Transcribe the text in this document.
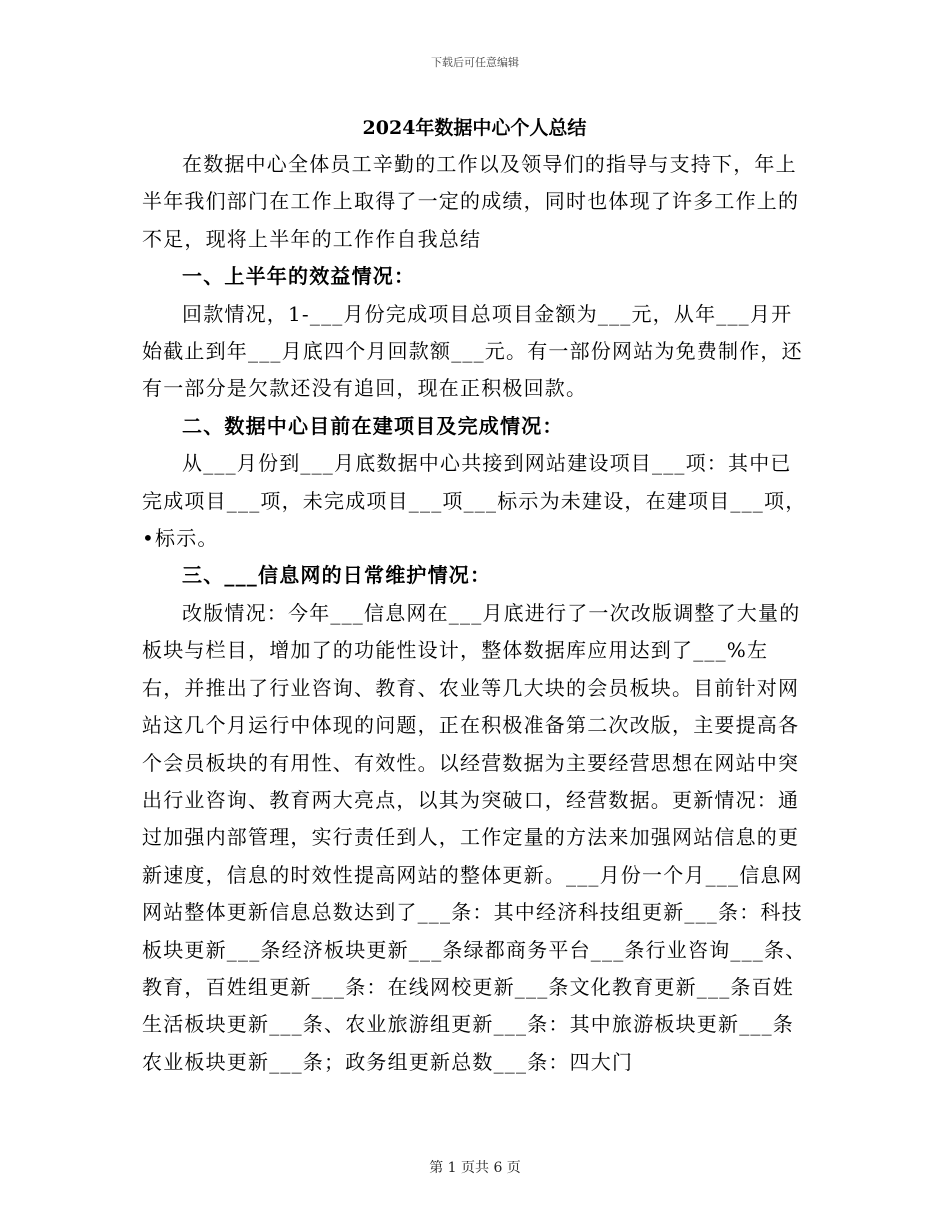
下载后可任意编辑
2024年数据中心个人总结

在数据中心全体员工辛勤的工作以及领导们的指导与支持下，年上半年我们部门在工作上取得了一定的成绩，同时也体现了许多工作上的不足，现将上半年的工作作自我总结

一、上半年的效益情况：

回款情况，1-___月份完成项目总项目金额为___元，从年___月开始截止到年___月底四个月回款额___元。有一部份网站为免费制作，还有一部分是欠款还没有追回，现在正积极回款。

二、数据中心目前在建项目及完成情况：

从___月份到___月底数据中心共接到网站建设项目___项：其中已完成项目___项，未完成项目___项___标示为未建设，在建项目___项，•标示。

三、___信息网的日常维护情况：

改版情况：今年___信息网在___月底进行了一次改版调整了大量的板块与栏目，增加了的功能性设计，整体数据库应用达到了___%左右，并推出了行业咨询、教育、农业等几大块的会员板块。目前针对网站这几个月运行中体现的问题，正在积极准备第二次改版，主要提高各个会员板块的有用性、有效性。以经营数据为主要经营思想在网站中突出行业咨询、教育两大亮点，以其为突破口，经营数据。更新情况：通过加强内部管理，实行责任到人，工作定量的方法来加强网站信息的更新速度，信息的时效性提高网站的整体更新。___月份一个月___信息网网站整体更新信息总数达到了___条：其中经济科技组更新___条：科技板块更新___条经济板块更新___条绿都商务平台___条行业咨询___条、教育，百姓组更新___条：在线网校更新___条文化教育更新___条百姓生活板块更新___条、农业旅游组更新___条：其中旅游板块更新___条农业板块更新___条；政务组更新总数___条：四大门

第 1 页共 6 页
